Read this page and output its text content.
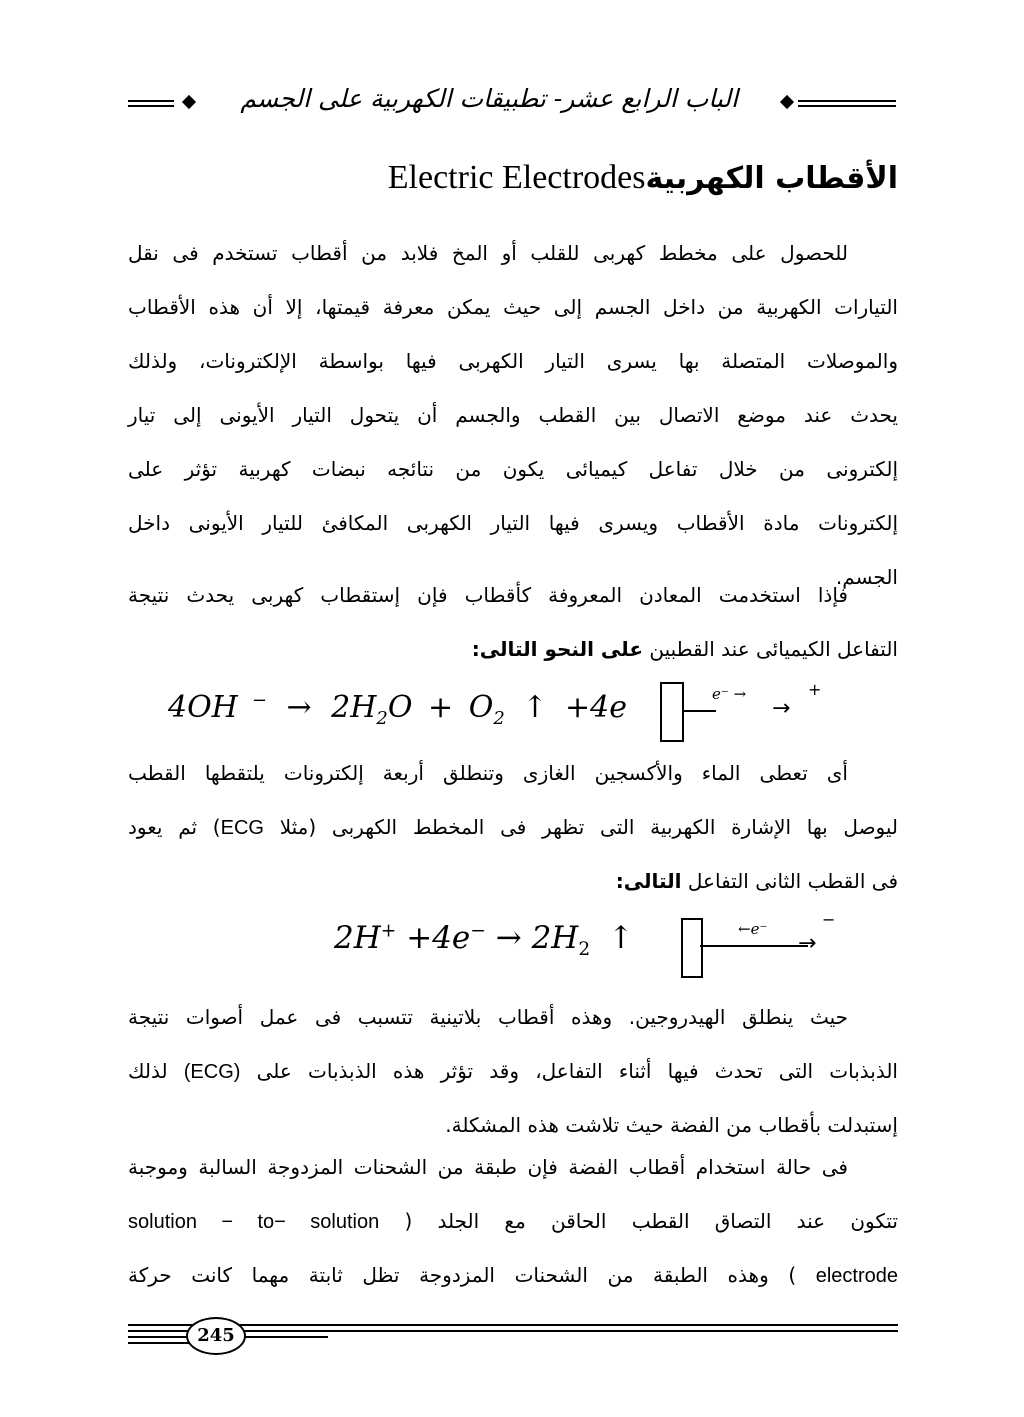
الباب الرابع عشر- تطبيقات الكهربية على الجسم
الأقطاب الكهربيةElectric Electrodes
للحصول على مخطط كهربى للقلب أو المخ فلابد من أقطاب تستخدم فى نقل
التيارات الكهربية من داخل الجسم إلى حيث يمكن معرفة قيمتها، إلا أن هذه الأقطاب
والموصلات المتصلة بها يسرى التيار الكهربى فيها بواسطة الإلكترونات، ولذلك
يحدث عند موضع الاتصال بين القطب والجسم أن يتحول التيار الأيونى إلى تيار
إلكترونى من خلال تفاعل كيميائى يكون من نتائجه نبضات كهربية تؤثر على
إلكترونات مادة الأقطاب ويسرى فيها التيار الكهربى المكافئ للتيار الأيونى داخل
الجسم.
فإذا استخدمت المعادن المعروفة كأقطاب فإن إستقطاب كهربى يحدث نتيجة
التفاعل الكيميائى عند القطبين على النحو التالى:
4OH $^- \to 2H_2O + O_2$ ↑ +4e	e⁻ →
→
+
أى تعطى الماء والأكسجين الغازى وتنطلق أربعة إلكترونات يلتقطها القطب
ليوصل بها الإشارة الكهربية التى تظهر فى المخطط الكهربى (مثلا ECG) ثم يعود
فى القطب الثانى التفاعل التالى:
$2H^+ +4e^- \to 2H_2$ ↑	←e⁻
→
−
حيث ينطلق الهيدروجين. وهذه أقطاب بلاتينية تتسبب فى عمل أصوات نتيجة
الذبذبات التى تحدث فيها أثناء التفاعل، وقد تؤثر هذه الذبذبات على (ECG) لذلك
إستبدلت بأقطاب من الفضة حيث تلاشت هذه المشكلة.
فى حالة استخدام أقطاب الفضة فإن طبقة من الشحنات المزدوجة السالبة وموجبة
تتكون عند التصاق القطب الحاقن مع الجلد ( solution − to− solution
electrode ) وهذه الطبقة من الشحنات المزدوجة تظل ثابتة مهما كانت حركة
245
